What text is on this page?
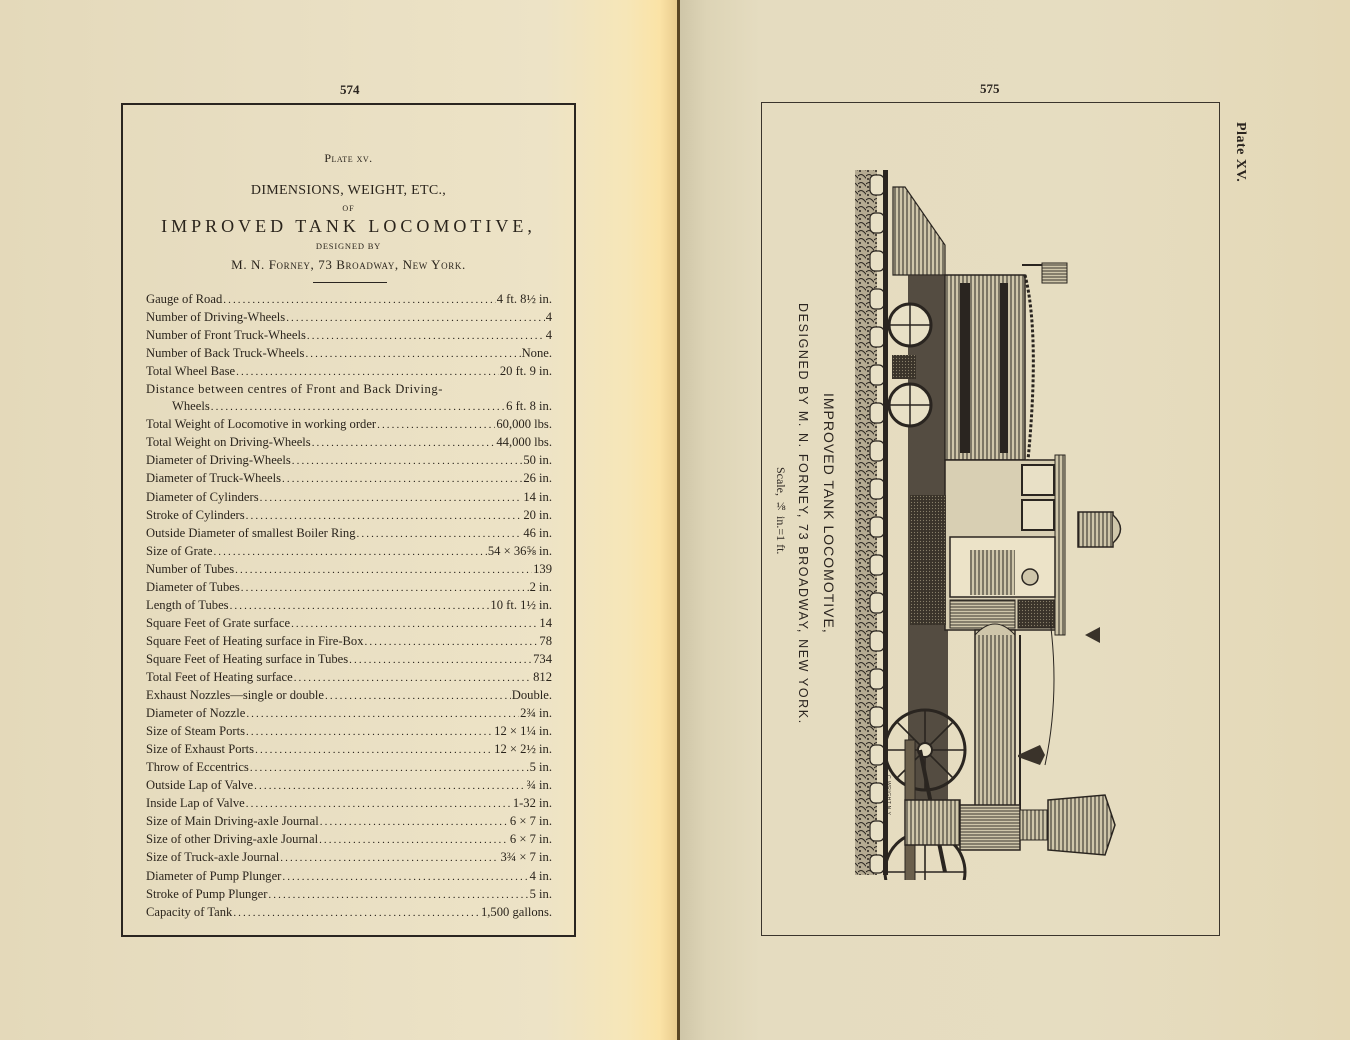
574
Plate xv.
DIMENSIONS, WEIGHT, ETC.,
OF
IMPROVED TANK LOCOMOTIVE,
DESIGNED BY
M. N. Forney, 73 Broadway, New York.
Gauge of Road .....	4 ft. 8½ in.
Number of Driving-Wheels .....	4
Number of Front Truck-Wheels .....	4
Number of Back Truck-Wheels .....	None.
Total Wheel Base .....	20 ft. 9 in.
Distance between centres of Front and Back Driving-
Wheels .....	6 ft. 8 in.
Total Weight of Locomotive in working order .....	60,000 lbs.
Total Weight on Driving-Wheels .....	44,000 lbs.
Diameter of Driving-Wheels .....	50 in.
Diameter of Truck-Wheels .....	26 in.
Diameter of Cylinders .....	14 in.
Stroke of Cylinders .....	20 in.
Outside Diameter of smallest Boiler Ring .....	46 in.
Size of Grate .....	54 × 36⅝ in.
Number of Tubes .....	139
Diameter of Tubes .....	2 in.
Length of Tubes .....	10 ft. 1½ in.
Square Feet of Grate surface .....	14
Square Feet of Heating surface in Fire-Box .....	78
Square Feet of Heating surface in Tubes .....	734
Total Feet of Heating surface .....	812
Exhaust Nozzles—single or double .....	Double.
Diameter of Nozzle .....	2¾ in.
Size of Steam Ports .....	12 × 1¼ in.
Size of Exhaust Ports .....	12 × 2½ in.
Throw of Eccentrics .....	5 in.
Outside Lap of Valve .....	¾ in.
Inside Lap of Valve .....	1-32 in.
Size of Main Driving-axle Journal .....	6 × 7 in.
Size of other Driving-axle Journal .....	6 × 7 in.
Size of Truck-axle Journal .....	3¾ × 7 in.
Diameter of Pump Plunger .....	4 in.
Stroke of Pump Plunger .....	5 in.
Capacity of Tank .....	1,500 gallons.
575
Plate XV.
IMPROVED TANK LOCOMOTIVE,
DESIGNED BY M. N. FORNEY, 73 BROADWAY, NEW YORK.
Scale, ⅛ in.=1 ft.
